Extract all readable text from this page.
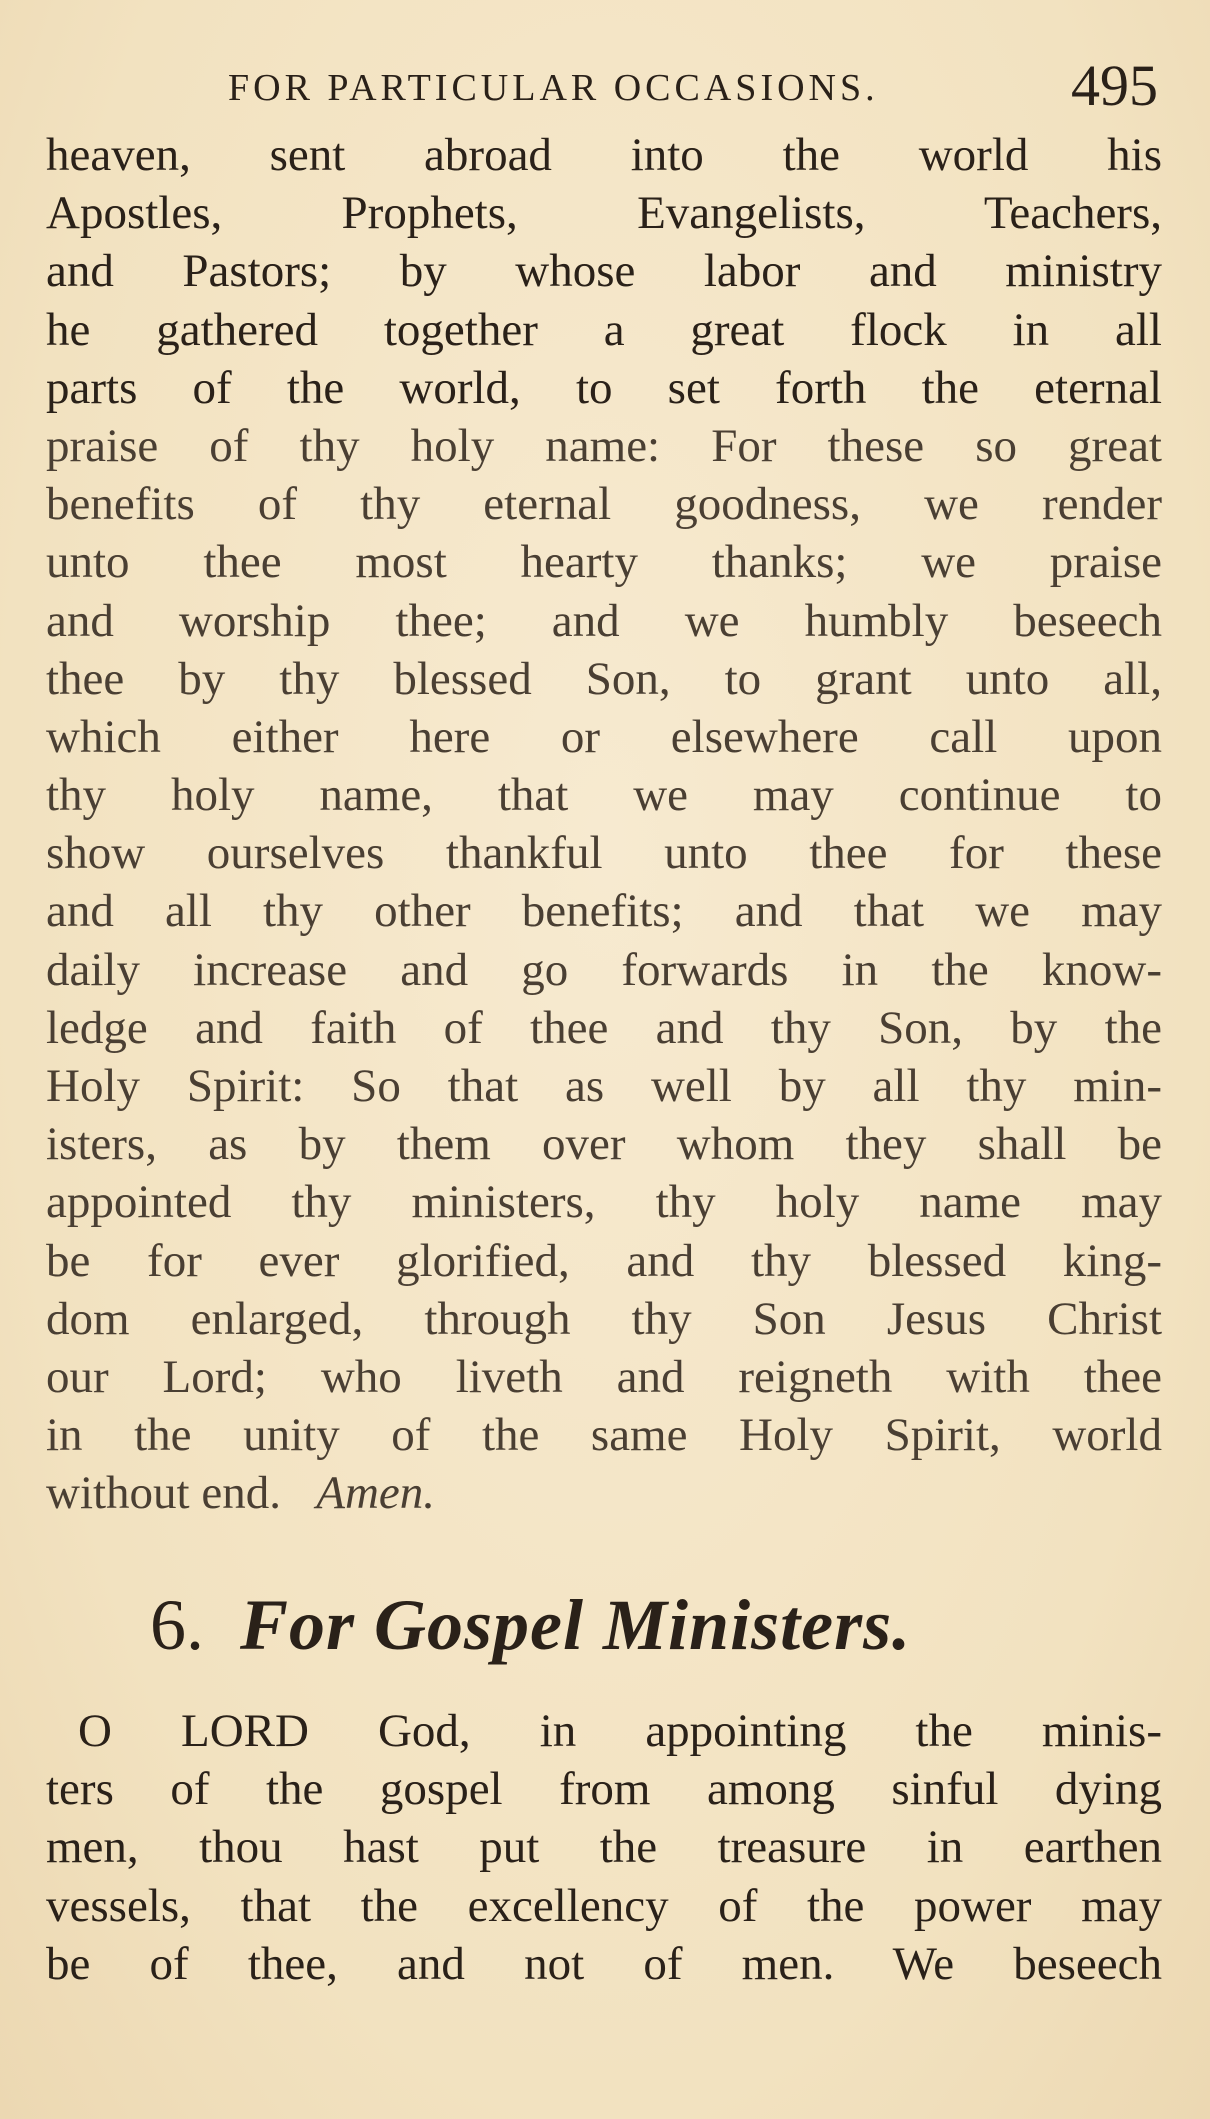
FOR PARTICULAR OCCASIONS.	495
heaven, sent abroad into the world his
Apostles, Prophets, Evangelists, Teachers,
and Pastors; by whose labor and ministry
he gathered together a great flock in all
parts of the world, to set forth the eternal
praise of thy holy name: For these so great
benefits of thy eternal goodness, we render
unto thee most hearty thanks; we praise
and worship thee; and we humbly beseech
thee by thy blessed Son, to grant unto all,
which either here or elsewhere call upon
thy holy name, that we may continue to
show ourselves thankful unto thee for these
and all thy other benefits; and that we may
daily increase and go forwards in the know-
ledge and faith of thee and thy Son, by the
Holy Spirit: So that as well by all thy min-
isters, as by them over whom they shall be
appointed thy ministers, thy holy name may
be for ever glorified, and thy blessed king-
dom enlarged, through thy Son Jesus Christ
our Lord; who liveth and reigneth with thee
in the unity of the same Holy Spirit, world
without end. Amen.
6. For Gospel Ministers.
O LORD God, in appointing the minis-
ters of the gospel from among sinful dying
men, thou hast put the treasure in earthen
vessels, that the excellency of the power may
be of thee, and not of men. We beseech
